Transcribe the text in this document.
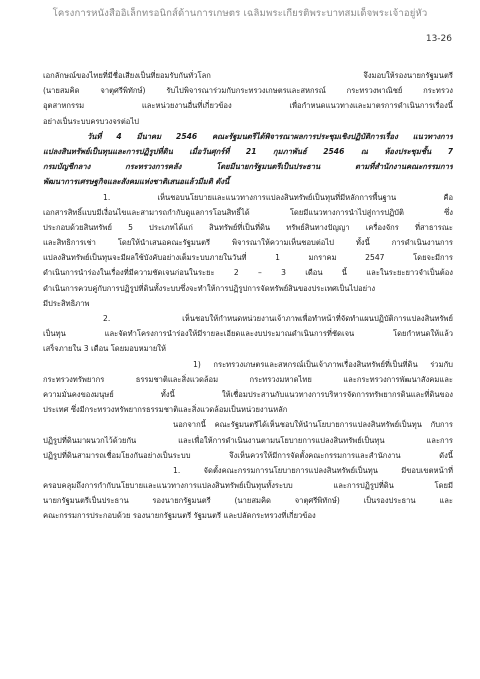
โครงการหนังสืออิเล็กทรอนิกส์ด้านการเกษตร เฉลิมพระเกียรติพระบาทสมเด็จพระเจ้าอยู่หัว
13-26
เอกลักษณ์ของไทยที่มีชื่อเสียงเป็นที่ยอมรับกันทั่วโลก จึงมอบให้รองนายกรัฐมนตรี
(นายสมคิด จาตุศรีพิทักษ์) รับไปพิจารณาร่วมกับกระทรวงเกษตรและสหกรณ์ กระทรวงพาณิชย์ กระทรวง
อุตสาหกรรม และหน่วยงานอื่นที่เกี่ยวข้อง เพื่อกำหนดแนวทางและมาตรการดำเนินการเรื่องนี้
อย่างเป็นระบบครบวงจรต่อไป
วันที่ 4 มีนาคม 2546 คณะรัฐมนตรีได้พิจารณาผลการประชุมเชิงปฏิบัติการเรื่อง แนวทางการ
แปลงสินทรัพย์เป็นทุนและการปฏิรูปที่ดิน เมื่อวันศุกร์ที่ 21 กุมภาพันธ์ 2546 ณ ห้องประชุมชั้น 7
กรมบัญชีกลาง กระทรวงการคลัง โดยมีนายกรัฐมนตรีเป็นประธาน ตามที่สำนักงานคณะกรรมการ
พัฒนาการเศรษฐกิจและสังคมแห่งชาติเสนอแล้วมีมติ ดังนี้
1. เห็นชอบนโยบายและแนวทางการแปลงสินทรัพย์เป็นทุนที่มีหลักการพื้นฐาน คือ
เอกสารสิทธิ์แบบมีเงื่อนไขและสามารถกำกับดูแลการโอนสิทธิ์ได้ โดยมีแนวทางการนำไปสู่การปฏิบัติ ซึ่ง
ประกอบด้วยสินทรัพย์ 5 ประเภทได้แก่ สินทรัพย์ที่เป็นที่ดิน ทรัพย์สินทางปัญญา เครื่องจักร ที่สาธารณะ
และสิทธิการเช่า โดยให้นำเสนอคณะรัฐมนตรี พิจารณาให้ความเห็นชอบต่อไป ทั้งนี้ การดำเนินงานการ
แปลงสินทรัพย์เป็นทุนจะมีผลใช้บังคับอย่างเต็มระบบภายในวันที่ 1 มกราคม 2547 โดยจะมีการ
ดำเนินการนำร่องในเรื่องที่มีความชัดเจนก่อนในระยะ 2 – 3 เดือน นี้ และในระยะยาวจำเป็นต้อง
ดำเนินการควบคู่กับการปฏิรูปที่ดินทั้งระบบซึ่งจะทำให้การปฏิรูปการจัดทรัพย์สินของประเทศเป็นไปอย่าง
มีประสิทธิภาพ
2. เห็นชอบให้กำหนดหน่วยงานเจ้าภาพเพื่อทำหน้าที่จัดทำแผนปฏิบัติการแปลงสินทรัพย์
เป็นทุน และจัดทำโครงการนำร่องให้มีรายละเอียดและงบประมาณดำเนินการที่ชัดเจน โดยกำหนดให้แล้ว
เสร็จภายใน 3 เดือน โดยมอบหมายให้
1) กระทรวงเกษตรและสหกรณ์เป็นเจ้าภาพเรื่องสินทรัพย์ที่เป็นที่ดิน ร่วมกับ
กระทรวงทรัพยากร ธรรมชาติและสิ่งแวดล้อม กระทรวงมหาดไทย และกระทรวงการพัฒนาสังคมและ
ความมั่นคงของมนุษย์ ทั้งนี้ ให้เชื่อมประสานกับแนวทางการบริหารจัดการทรัพยากรดินและที่ดินของ
ประเทศ ซึ่งมีกระทรวงทรัพยากรธรรมชาติและสิ่งแวดล้อมเป็นหน่วยงานหลัก
นอกจากนี้ คณะรัฐมนตรีได้เห็นชอบให้นำนโยบายการแปลงสินทรัพย์เป็นทุน กับการ
ปฏิรูปที่ดินมาผนวกไว้ด้วยกัน และเพื่อให้การดำเนินงานตามนโยบายการแปลงสินทรัพย์เป็นทุน และการ
ปฏิรูปที่ดินสามารถเชื่อมโยงกันอย่างเป็นระบบ จึงเห็นควรให้มีการจัดตั้งคณะกรรมการและสำนักงาน ดังนี้
1. จัดตั้งคณะกรรมการนโยบายการแปลงสินทรัพย์เป็นทุน มีขอบเขตหน้าที่
ครอบคลุมถึงการกำกับนโยบายและแนวทางการแปลงสินทรัพย์เป็นทุนทั้งระบบ และการปฏิรูปที่ดิน โดยมี
นายกรัฐมนตรีเป็นประธาน รองนายกรัฐมนตรี (นายสมคิด จาตุศรีพิทักษ์) เป็นรองประธาน และ
คณะกรรมการประกอบด้วย รองนายกรัฐมนตรี รัฐมนตรี และปลัดกระทรวงที่เกี่ยวข้อง
